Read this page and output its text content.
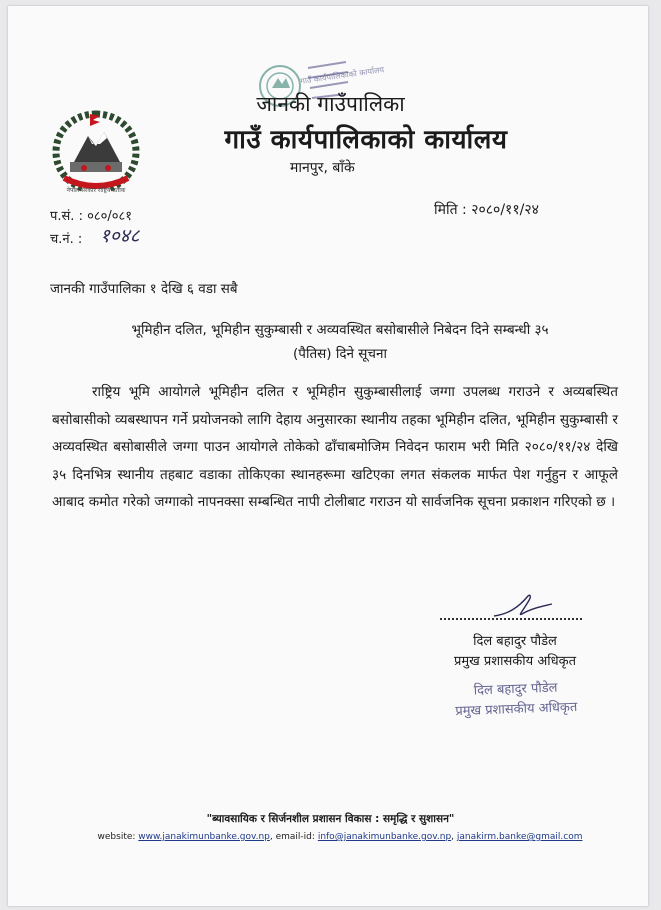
नेपाल सरकार राष्ट्रिय प्रतीक
गाउँ कार्यपालिकाको कार्यालय
जानकी गाउँपालिका
गाउँ कार्यपालिकाको कार्यालय
मानपुर, बाँके
प.सं. : ०८०/०८१
च.नं. : १०४८
मिति : २०८०/११/२४
जानकी गाउँपालिका १ देखि ६ वडा सबै
भूमिहीन दलित, भूमिहीन सुकुम्बासी र अव्यवस्थित बसोबासीले निबेदन दिने सम्बन्धी ३५
(पैतिस) दिने सूचना
राष्ट्रिय भूमि आयोगले भूमिहीन दलित र भूमिहीन सुकुम्बासीलाई जग्गा उपलब्ध गराउने र अव्यबस्थित बसोबासीको व्यबस्थापन गर्ने प्रयोजनको लागि देहाय अनुसारका स्थानीय तहका भूमिहीन दलित, भूमिहीन सुकुम्बासी र अव्यवस्थित बसोबासीले जग्गा पाउन आयोगले तोकेको ढाँचाबमोजिम निवेदन फाराम भरी मिति २०८०/११/२४ देखि ३५ दिनभित्र स्थानीय तहबाट वडाका तोकिएका स्थानहरूमा खटिएका लगत संकलक मार्फत पेश गर्नुहुन र आफूले आबाद कमोत गरेको जग्गाको नापनक्सा सम्बन्धित नापी टोलीबाट गराउन यो सार्वजनिक सूचना प्रकाशन गरिएको छ ।
दिल बहादुर पौडेल
प्रमुख प्रशासकीय अधिकृत
दिल बहादुर पौडेल
प्रमुख प्रशासकीय अधिकृत
"ब्यावसायिक र सिर्जनशील प्रशासन विकास : समृद्धि र सुशासन"
website: www.janakimunbanke.gov.np, email-id: info@janakimunbanke.gov.np, janakirm.banke@gmail.com
